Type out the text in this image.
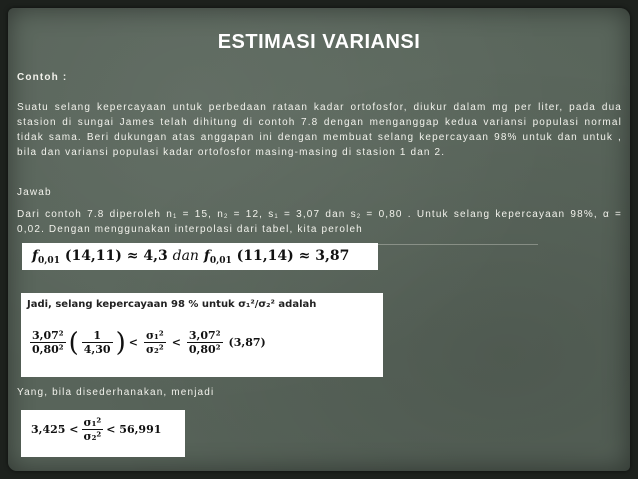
ESTIMASI VARIANSI
Contoh :
Suatu selang kepercayaan untuk perbedaan rataan kadar ortofosfor, diukur dalam mg per liter, pada dua stasion di sungai James telah dihitung di contoh 7.8 dengan menganggap kedua variansi populasi normal tidak sama. Beri dukungan atas anggapan ini dengan membuat selang kepercayaan 98% untuk dan untuk , bila dan variansi populasi kadar ortofosfor masing-masing di stasion 1 dan 2.
Jawab
Dari contoh 7.8 diperoleh $n_1 = 15$, $n_2 = 12$, $s_1 = 3,07$ dan $s_2 = 0,80$ . Untuk selang kepercayaan 98%, α = 0,02. Dengan menggunakan interpolasi dari tabel, kita peroleh
$f_{0,01}$ (14,11) ≈ 4,3 dan $f_{0,01}$ (11,14) ≈ 3,87
Jadi, selang kepercayaan 98 % untuk σ₁²/σ₂² adalah
$\frac{\text{3,07²}}{\text{0,80²}}$ ( $\frac{1}{4,30}$ ) < $\frac{\text{σ₁²}}{\text{σ₂²}} < \frac{\text{3,07²}}{\text{0,80²}} (3,87)$
Yang, bila disederhanakan, menjadi
$3,425 < \frac{\text{σ₁²}}{\text{σ₂²}} < 56,991$
